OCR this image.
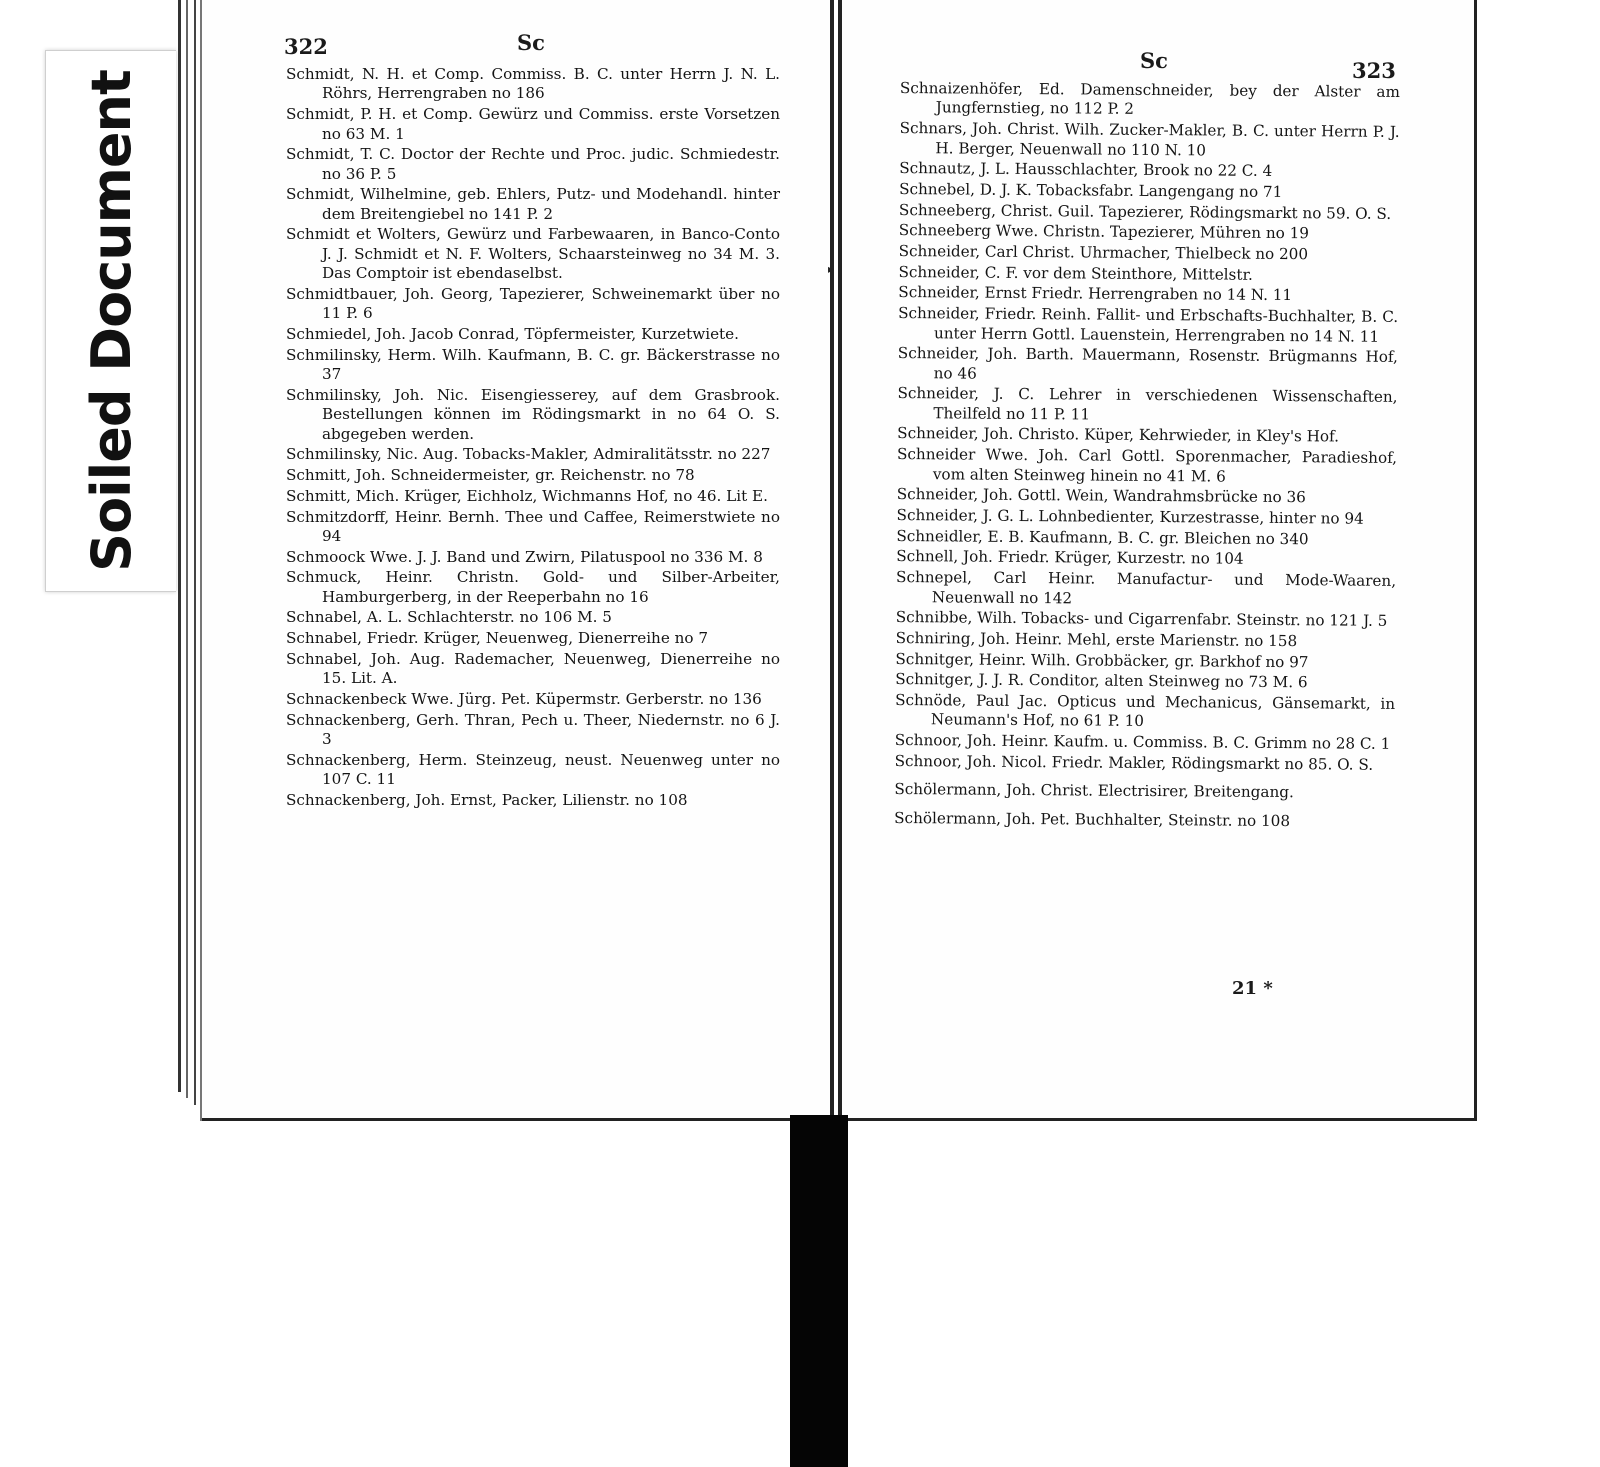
322	Sc
Schmidt, N. H. et Comp. Commiss. B. C. unter Herrn J. N. L. Röhrs, Herrengraben no 186
Schmidt, P. H. et Comp. Gewürz und Commiss. erste Vorsetzen no 63 M. 1
Schmidt, T. C. Doctor der Rechte und Proc. judic. Schmiedestr. no 36 P. 5
Schmidt, Wilhelmine, geb. Ehlers, Putz- und Modehandl. hinter dem Breitengiebel no 141 P. 2
Schmidt et Wolters, Gewürz und Farbewaaren, in Banco-Conto J. J. Schmidt et N. F. Wolters, Schaarsteinweg no 34 M. 3. Das Comptoir ist ebendaselbst.
Schmidtbauer, Joh. Georg, Tapezierer, Schweinemarkt über no 11 P. 6
Schmiedel, Joh. Jacob Conrad, Töpfermeister, Kurzetwiete.
Schmilinsky, Herm. Wilh. Kaufmann, B. C. gr. Bäckerstrasse no 37
Schmilinsky, Joh. Nic. Eisengiesserey, auf dem Grasbrook. Bestellungen können im Rödingsmarkt in no 64 O. S. abgegeben werden.
Schmilinsky, Nic. Aug. Tobacks-Makler, Admiralitätsstr. no 227
Schmitt, Joh. Schneidermeister, gr. Reichenstr. no 78
Schmitt, Mich. Krüger, Eichholz, Wichmanns Hof, no 46. Lit E.
Schmitzdorff, Heinr. Bernh. Thee und Caffee, Reimerstwiete no 94
Schmoock Wwe. J. J. Band und Zwirn, Pilatuspool no 336 M. 8
Schmuck, Heinr. Christn. Gold- und Silber-Arbeiter, Hamburgerberg, in der Reeperbahn no 16
Schnabel, A. L. Schlachterstr. no 106 M. 5
Schnabel, Friedr. Krüger, Neuenweg, Dienerreihe no 7
Schnabel, Joh. Aug. Rademacher, Neuenweg, Dienerreihe no 15. Lit. A.
Schnackenbeck Wwe. Jürg. Pet. Küpermstr. Gerberstr. no 136
Schnackenberg, Gerh. Thran, Pech u. Theer, Niedernstr. no 6 J. 3
Schnackenberg, Herm. Steinzeug, neust. Neuenweg unter no 107 C. 11
Schnackenberg, Joh. Ernst, Packer, Lilienstr. no 108
Sc	323
Schnaizenhöfer, Ed. Damenschneider, bey der Alster am Jungfernstieg, no 112 P. 2
Schnars, Joh. Christ. Wilh. Zucker-Makler, B. C. unter Herrn P. J. H. Berger, Neuenwall no 110 N. 10
Schnautz, J. L. Hausschlachter, Brook no 22 C. 4
Schnebel, D. J. K. Tobacksfabr. Langengang no 71
Schneeberg, Christ. Guil. Tapezierer, Rödingsmarkt no 59. O. S.
Schneeberg Wwe. Christn. Tapezierer, Mühren no 19
Schneider, Carl Christ. Uhrmacher, Thielbeck no 200
Schneider, C. F. vor dem Steinthore, Mittelstr.
Schneider, Ernst Friedr. Herrengraben no 14 N. 11
Schneider, Friedr. Reinh. Fallit- und Erbschafts-Buchhalter, B. C. unter Herrn Gottl. Lauenstein, Herrengraben no 14 N. 11
Schneider, Joh. Barth. Mauermann, Rosenstr. Brügmanns Hof, no 46
Schneider, J. C. Lehrer in verschiedenen Wissenschaften, Theilfeld no 11 P. 11
Schneider, Joh. Christo. Küper, Kehrwieder, in Kley's Hof.
Schneider Wwe. Joh. Carl Gottl. Sporenmacher, Paradieshof, vom alten Steinweg hinein no 41 M. 6
Schneider, Joh. Gottl. Wein, Wandrahmsbrücke no 36
Schneider, J. G. L. Lohnbedienter, Kurzestrasse, hinter no 94
Schneidler, E. B. Kaufmann, B. C. gr. Bleichen no 340
Schnell, Joh. Friedr. Krüger, Kurzestr. no 104
Schnepel, Carl Heinr. Manufactur- und Mode-Waaren, Neuenwall no 142
Schnibbe, Wilh. Tobacks- und Cigarrenfabr. Steinstr. no 121 J. 5
Schniring, Joh. Heinr. Mehl, erste Marienstr. no 158
Schnitger, Heinr. Wilh. Grobbäcker, gr. Barkhof no 97
Schnitger, J. J. R. Conditor, alten Steinweg no 73 M. 6
Schnöde, Paul Jac. Opticus und Mechanicus, Gänsemarkt, in Neumann's Hof, no 61 P. 10
Schnoor, Joh. Heinr. Kaufm. u. Commiss. B. C. Grimm no 28 C. 1
Schnoor, Joh. Nicol. Friedr. Makler, Rödingsmarkt no 85. O. S.
Schölermann, Joh. Christ. Electrisirer, Breitengang.
Schölermann, Joh. Pet. Buchhalter, Steinstr. no 108
21 *
▸
Soiled Document
